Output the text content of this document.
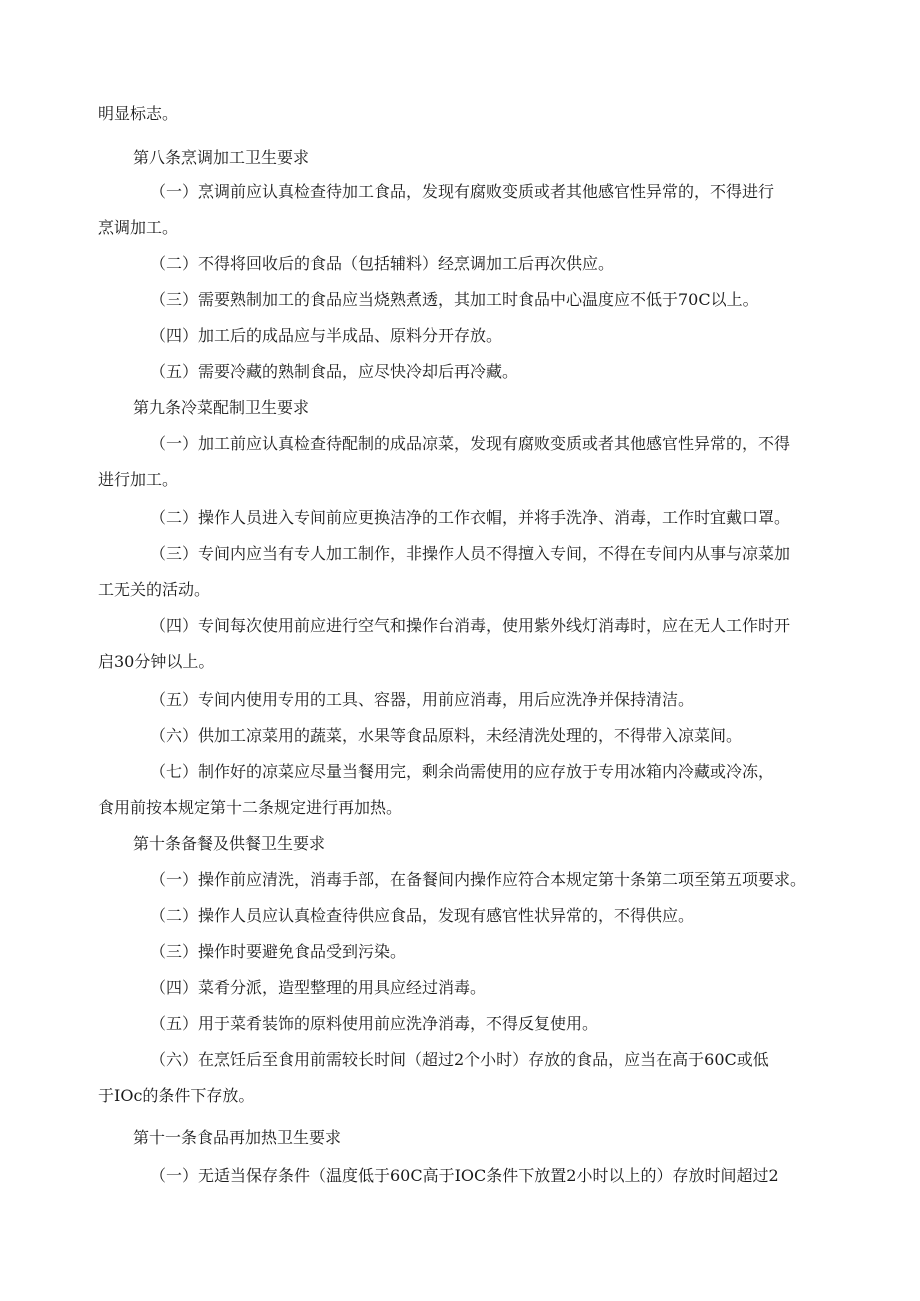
明显标志。
第八条烹调加工卫生要求
（一）烹调前应认真检查待加工食品，发现有腐败变质或者其他感官性异常的，不得进行
烹调加工。
（二）不得将回收后的食品（包括辅料）经烹调加工后再次供应。
（三）需要熟制加工的食品应当烧熟煮透，其加工时食品中心温度应不低于70C以上。
（四）加工后的成品应与半成品、原料分开存放。
（五）需要冷藏的熟制食品，应尽快冷却后再冷藏。
第九条冷菜配制卫生要求
（一）加工前应认真检查待配制的成品凉菜，发现有腐败变质或者其他感官性异常的，不得
进行加工。
（二）操作人员进入专间前应更换洁净的工作衣帽，并将手洗净、消毒，工作时宜戴口罩。
（三）专间内应当有专人加工制作，非操作人员不得擅入专间，不得在专间内从事与凉菜加
工无关的活动。
（四）专间每次使用前应进行空气和操作台消毒，使用紫外线灯消毒时，应在无人工作时开
启30分钟以上。
（五）专间内使用专用的工具、容器，用前应消毒，用后应洗净并保持清洁。
（六）供加工凉菜用的蔬菜，水果等食品原料，未经清洗处理的，不得带入凉菜间。
（七）制作好的凉菜应尽量当餐用完，剩余尚需使用的应存放于专用冰箱内冷藏或冷冻，
食用前按本规定第十二条规定进行再加热。
第十条备餐及供餐卫生要求
（一）操作前应清洗，消毒手部，在备餐间内操作应符合本规定第十条第二项至第五项要求。
（二）操作人员应认真检查待供应食品，发现有感官性状异常的，不得供应。
（三）操作时要避免食品受到污染。
（四）菜肴分派，造型整理的用具应经过消毒。
（五）用于菜肴装饰的原料使用前应洗净消毒，不得反复使用。
（六）在烹饪后至食用前需较长时间（超过2个小时）存放的食品，应当在高于60C或低
于IOc的条件下存放。
第十一条食品再加热卫生要求
（一）无适当保存条件（温度低于60C高于IOC条件下放置2小时以上的）存放时间超过2
